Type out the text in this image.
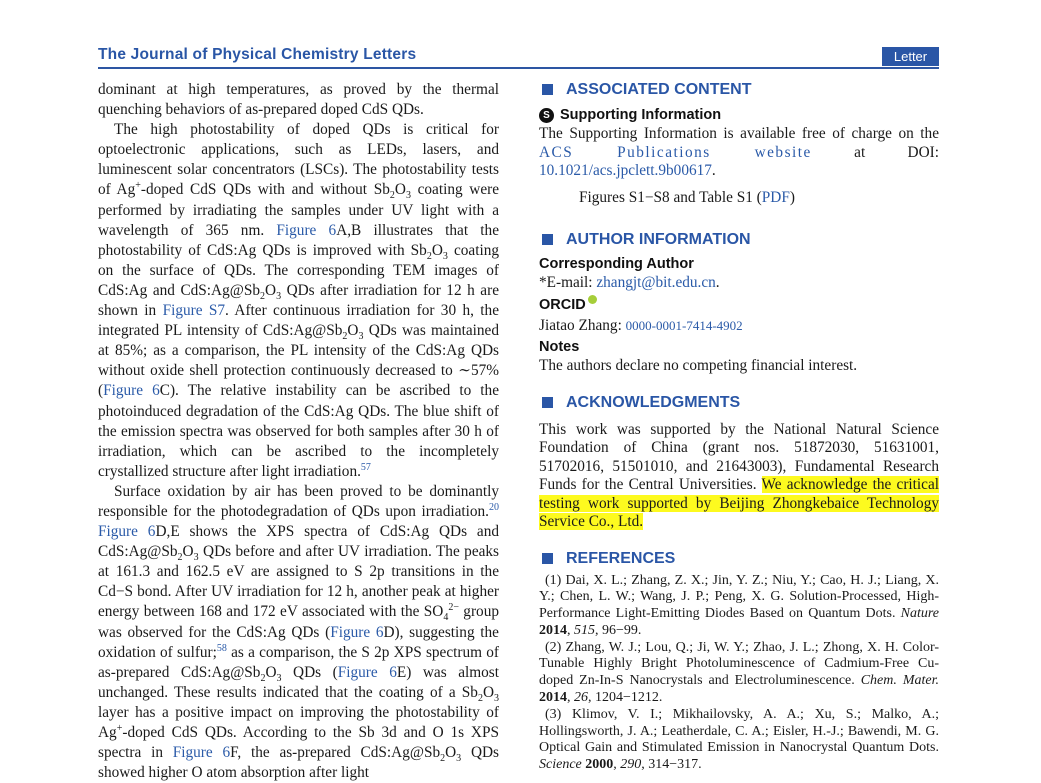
The Journal of Physical Chemistry Letters	Letter

dominant at high temperatures, as proved by the thermal quenching behaviors of as-prepared doped CdS QDs.

The high photostability of doped QDs is critical for optoelectronic applications, such as LEDs, lasers, and luminescent solar concentrators (LSCs). The photostability tests of Ag+-doped CdS QDs with and without $Sb_2O_3$ coating were performed by irradiating the samples under UV light with a wavelength of 365 nm. Figure 6A,B illustrates that the photostability of CdS:Ag QDs is improved with $Sb_2O_3$ coating on the surface of QDs. The corresponding TEM images of CdS:Ag and $CdS:Ag@Sb_2O_3$ QDs after irradiation for 12 h are shown in Figure S7. After continuous irradiation for 30 h, the integrated PL intensity of $CdS:Ag@Sb_2O_3$ QDs was maintained at 85%; as a comparison, the PL intensity of the CdS:Ag QDs without oxide shell protection continuously decreased to ∼57% (Figure 6C). The relative instability can be ascribed to the photoinduced degradation of the CdS:Ag QDs. The blue shift of the emission spectra was observed for both samples after 30 h of irradiation, which can be ascribed to the incompletely crystallized structure after light irradiation.$^{57}$

Surface oxidation by air has been proved to be dominantly responsible for the photodegradation of QDs upon irradiation.$^{20}$ Figure 6D,E shows the XPS spectra of CdS:Ag QDs and $CdS:Ag@Sb_2O_3$ QDs before and after UV irradiation. The peaks at 161.3 and 162.5 eV are assigned to S 2p transitions in the Cd−S bond. After UV irradiation for 12 h, another peak at higher energy between 168 and 172 eV associated with the $SO_4^{2-}$ group was observed for the CdS:Ag QDs (Figure 6D), suggesting the oxidation of sulfur;$^{58}$ as a comparison, the S 2p XPS spectrum of as-prepared $CdS:Ag@Sb_2O_3$ QDs (Figure 6E) was almost unchanged. These results indicated that the coating of a $Sb_2O_3$ layer has a positive impact on improving the photostability of Ag+-doped CdS QDs. According to the Sb 3d and O 1s XPS spectra in Figure 6F, the as-prepared $CdS:Ag@Sb_2O_3$ QDs showed higher O atom absorption after light

ASSOCIATED CONTENT
S Supporting Information

The Supporting Information is available free of charge on the ACS Publications website at DOI: 10.1021/acs.jpclett.9b00617.

Figures S1−S8 and Table S1 (PDF)

AUTHOR INFORMATION
Corresponding Author

*E-mail: zhangjt@bit.edu.cn.

ORCID

Jiatao Zhang: 0000-0001-7414-4902

Notes

The authors declare no competing financial interest.

ACKNOWLEDGMENTS

This work was supported by the National Natural Science Foundation of China (grant nos. 51872030, 51631001, 51702016, 51501010, and 21643003), Fundamental Research Funds for the Central Universities. We acknowledge the critical testing work supported by Beijing Zhongkebaice Technology Service Co., Ltd.

REFERENCES

(1) Dai, X. L.; Zhang, Z. X.; Jin, Y. Z.; Niu, Y.; Cao, H. J.; Liang, X. Y.; Chen, L. W.; Wang, J. P.; Peng, X. G. Solution-Processed, High-Performance Light-Emitting Diodes Based on Quantum Dots. Nature 2014, 515, 96−99.

(2) Zhang, W. J.; Lou, Q.; Ji, W. Y.; Zhao, J. L.; Zhong, X. H. Color-Tunable Highly Bright Photoluminescence of Cadmium-Free Cu-doped Zn-In-S Nanocrystals and Electroluminescence. Chem. Mater. 2014, 26, 1204−1212.

(3) Klimov, V. I.; Mikhailovsky, A. A.; Xu, S.; Malko, A.; Hollingsworth, J. A.; Leatherdale, C. A.; Eisler, H.-J.; Bawendi, M. G. Optical Gain and Stimulated Emission in Nanocrystal Quantum Dots. Science 2000, 290, 314−317.
